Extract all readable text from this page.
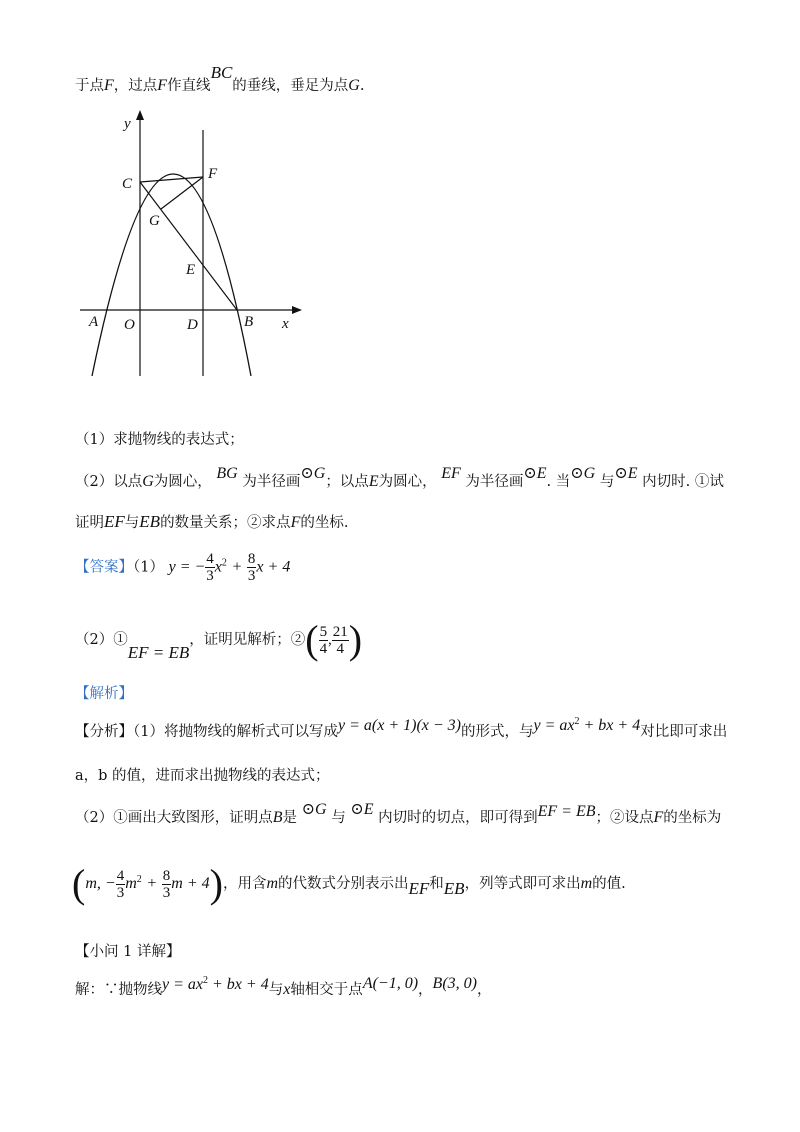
于点F，过点F作直线BC的垂线，垂足为点G.
y
x
C
F
G
E
A O	D	B
（1）求抛物线的表达式；
（2）以点G为圆心， BG 为半径画⊙G；以点E为圆心， EF 为半径画⊙E. 当⊙G 与⊙E 内切时. ①试
证明EF与EB的数量关系；②求点F的坐标.
【答案】（1） y = − $\frac{4}{3} x^2 + \frac{8}{3}$ x + 4
（2）①EF = EB，证明见解析；②( $\frac{5}{4}$ , $\frac{21}{4}$ )
【解析】
【分析】（1）将抛物线的解析式可以写成y = a(x + 1)(x − 3)的形式，与$y = ax^2$ + bx + 4对比即可求出
a，b 的值，进而求出抛物线的表达式；
（2）①画出大致图形，证明点B是 ⊙G 与 ⊙E 内切时的切点，即可得到EF = EB；②设点F的坐标为
(m, − $\frac{4}{3} m^2 + \frac{8}{3}$ m + 4)，用含m的代数式分别表示出EF和EB，列等式即可求出m的值.
【小问 1 详解】
解：∵抛物线$y = ax^2$ + bx + 4与x轴相交于点A(−1, 0)，B(3, 0)，
